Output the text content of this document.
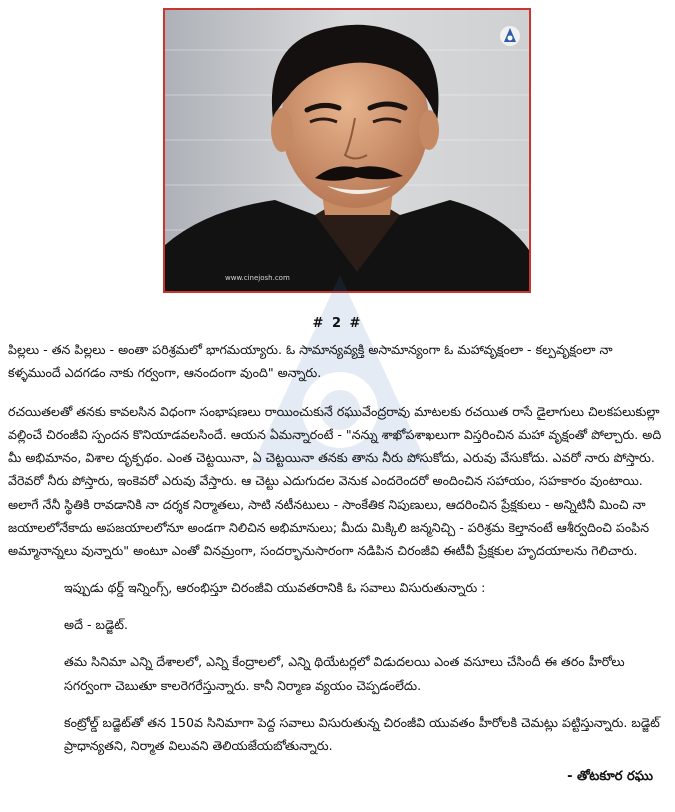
www.cinejosh.com
# 2 #

పిల్లలు - తన పిల్లలు - అంతా పరిశ్రమలో భాగమయ్యారు. ఓ సామాన్యవ్యక్తి అసామాన్యంగా ఓ మహావృక్షంలా - కల్పవృక్షంలా నా కళ్ళముందే ఎదగడం నాకు గర్వంగా, ఆనందంగా వుంది" అన్నారు.

రచయితలతో తనకు కావలసిన విధంగా సంభాషణలు రాయించుకునే రఘువేంద్రరావు మాటలకు రచయిత రాసే డైలాగులు చిలకపలుకుల్లా వల్లించే చిరంజీవి స్పందన కొనియాడవలసిందే. ఆయన ఏమన్నారంటే - "నన్ను శాఖోపశాఖలుగా విస్తరించిన మహా వృక్షంతో పోల్చారు. అది మీ అభిమానం, విశాల దృక్పథం. ఎంత చెట్టయినా, ఏ చెట్టయినా తనకు తాను నీరు పోసుకోదు, ఎరువు వేసుకోదు. ఎవరో నారు పోస్తారు. వేరెవరో నీరు పోస్తారు, ఇంకెవరో ఎరువు వేస్తారు. ఆ చెట్టు ఎదుగుదల వెనుక ఎందరెందరో అందించిన సహాయం, సహకారం వుంటాయి. అలాగే నేనీ స్థితికి రావడానికి నా దర్శక నిర్మాతలు, సాటి నటీనటులు - సాంకేతిక నిపుణులు, ఆదరించిన ప్రేక్షకులు - అన్నిటినీ మించి నా జయాలలోనేకాదు అపజయాలలోనూ అండగా నిలిచిన అభిమానులు; మీదు మిక్కిలి జన్మనిచ్చి - పరిశ్రమ కెల్తానంటే ఆశీర్వదించి పంపిన అమ్మానాన్నలు వున్నారు" అంటూ ఎంతో వినమ్రంగా, సందర్భానుసారంగా నడిపిన చిరంజీవి ఈటీవీ ప్రేక్షకుల హృదయాలను గెలిచారు.

ఇప్పుడు థర్డ్ ఇన్నింగ్స్, ఆరంభిస్తూ చిరంజీవి యువతరానికి ఓ సవాలు విసురుతున్నారు :

అదే - బడ్జెట్.

తమ సినిమా ఎన్ని దేశాలలో, ఎన్ని కేంద్రాలలో, ఎన్ని థియేటర్లలో విడుదలయి ఎంత వసూలు చేసిందీ ఈ తరం హీరోలు సగర్వంగా చెబుతూ కాలరెగరేస్తున్నారు. కానీ నిర్మాణ వ్యయం చెప్పడంలేదు.

కంట్రోల్డ్ బడ్జెట్‌తో తన 150వ సినిమాగా పెద్ద సవాలు విసురుతున్న చిరంజీవి యువతం హీరోలకి చెమట్లు పట్టిస్తున్నారు. బడ్జెట్ ప్రాధాన్యతని, నిర్మాత విలువని తెలియజేయబోతున్నారు.

- తోటకూర రఘు
